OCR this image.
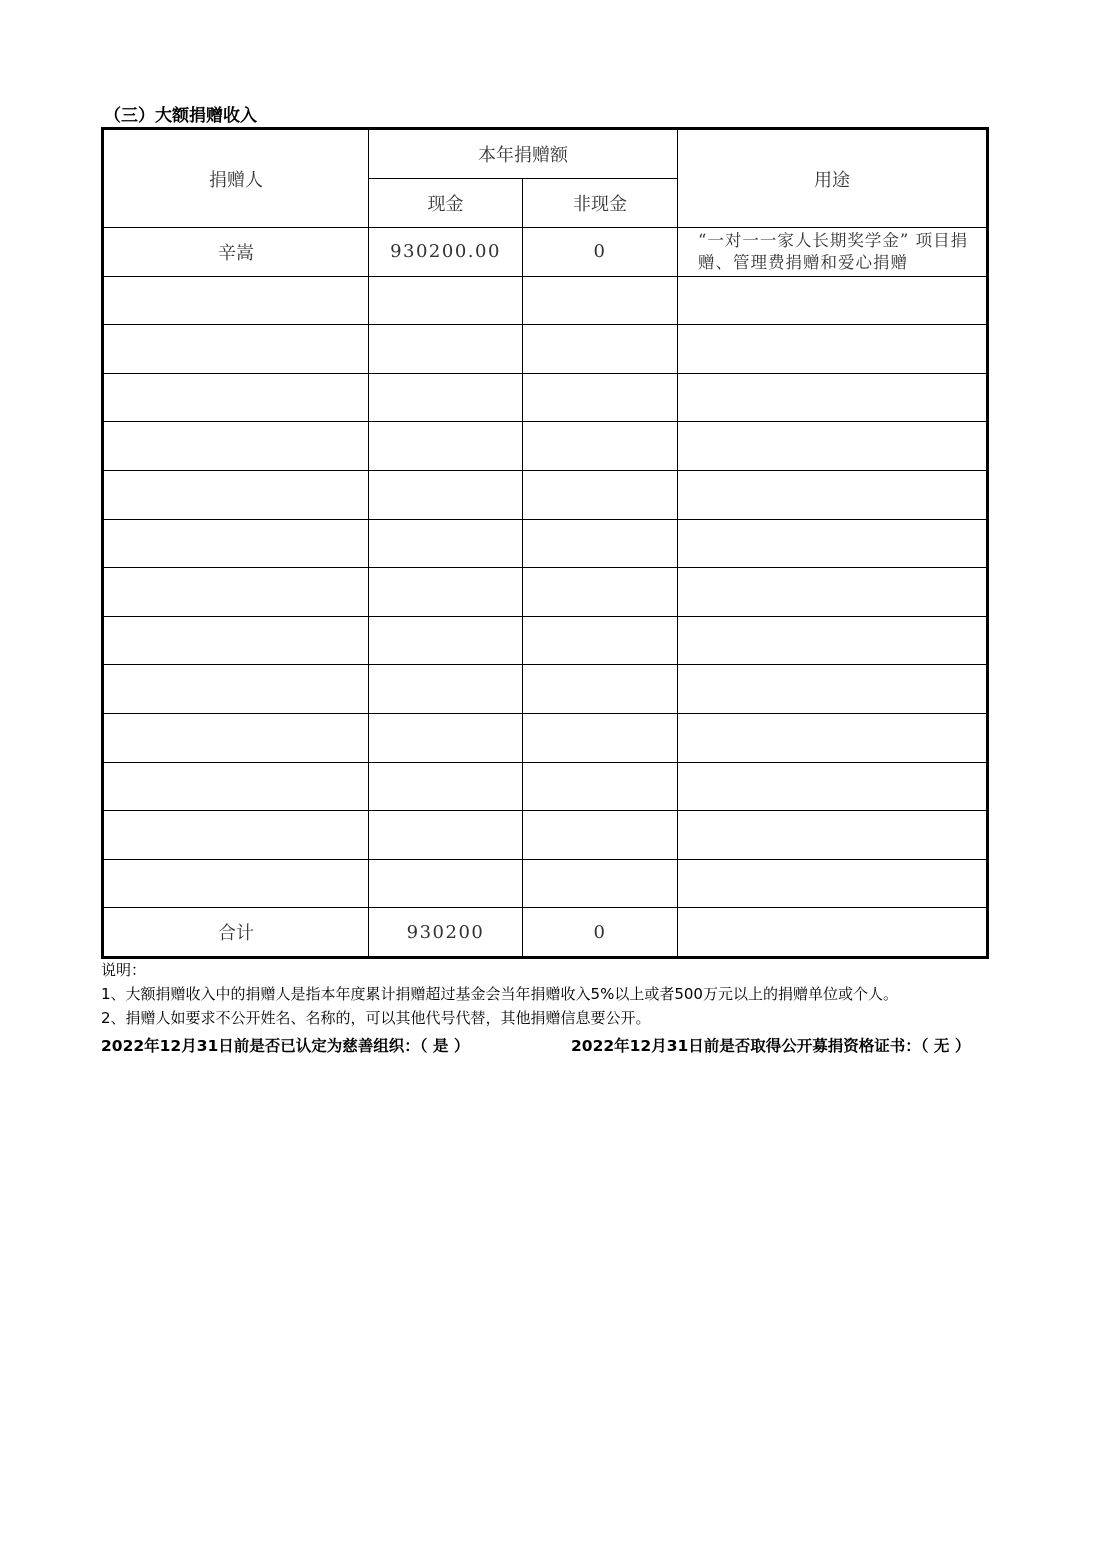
（三）大额捐赠收入
捐赠人	本年捐赠额		用途
	现金	非现金	
辛嵩	930200.00	0	“一对一一家人长期奖学金” 项目捐赠、管理费捐赠和爱心捐赠

合计	930200	0	
说明：
1、大额捐赠收入中的捐赠人是指本年度累计捐赠超过基金会当年捐赠收入5%以上或者500万元以上的捐赠单位或个人。
2、捐赠人如要求不公开姓名、名称的，可以其他代号代替，其他捐赠信息要公开。
2022年12月31日前是否已认定为慈善组织：（ 是 ）	2022年12月31日前是否取得公开募捐资格证书：（ 无 ）
